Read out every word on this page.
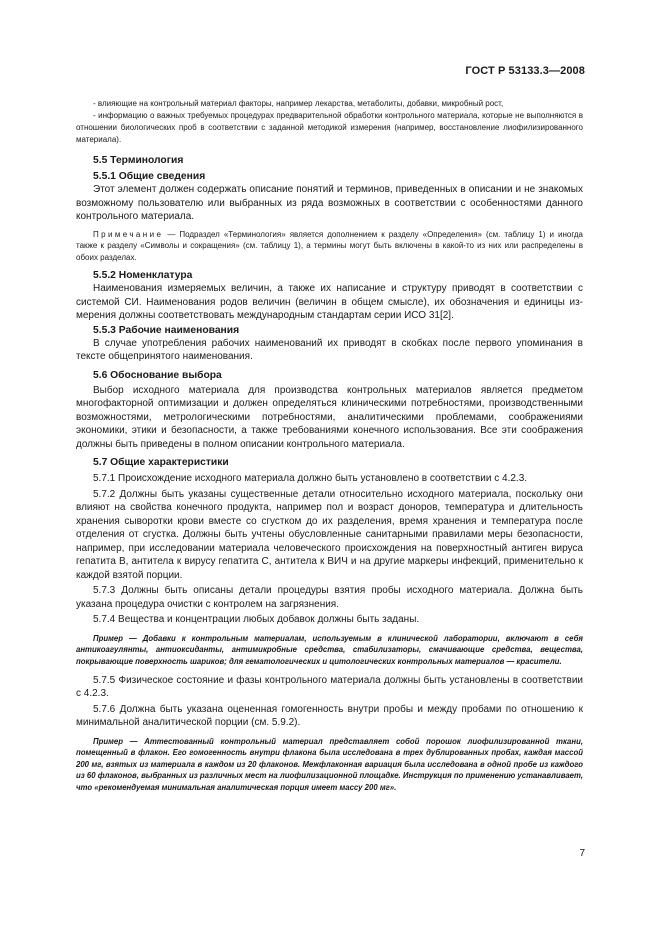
ГОСТ Р 53133.3—2008

- влияющие на контрольный материал факторы, например лекарства, метаболиты, добавки, микробный рост,

- информацию о важных требуемых процедурах предварительной обработки контрольного материала, которые не выполняются в отношении биологических проб в соответствии с заданной методикой измерения (например, восстановление лиофилизированного материала).

5.5 Терминология

5.5.1 Общие сведения

Этот элемент должен содержать описание понятий и терминов, приведенных в описании и не знакомых возможному пользователю или выбранных из ряда возможных в соответствии с особенностями данного контрольного материала.

Примечание — Подраздел «Терминология» является дополнением к разделу «Определения» (см. таблицу 1) и иногда также к разделу «Символы и сокращения» (см. таблицу 1), а термины могут быть включены в какой-то из них или распределены в обоих разделах.

5.5.2 Номенклатура

Наименования измеряемых величин, а также их написание и структуру приводят в соответствии с системой СИ. Наименования родов величин (величин в общем смысле), их обозначения и единицы измерения должны соответствовать международным стандартам серии ИСО 31[2].

5.5.3 Рабочие наименования

В случае употребления рабочих наименований их приводят в скобках после первого упоминания в тексте общепринятого наименования.

5.6 Обоснование выбора

Выбор исходного материала для производства контрольных материалов является предметом многофакторной оптимизации и должен определяться клиническими потребностями, производственными возможностями, метрологическими потребностями, аналитическими проблемами, соображениями экономики, этики и безопасности, а также требованиями конечного использования. Все эти соображения должны быть приведены в полном описании контрольного материала.

5.7 Общие характеристики

5.7.1 Происхождение исходного материала должно быть установлено в соответствии с 4.2.3.

5.7.2 Должны быть указаны существенные детали относительно исходного материала, поскольку они влияют на свойства конечного продукта, например пол и возраст доноров, температура и длительность хранения сыворотки крови вместе со сгустком до их разделения, время хранения и температура после отделения от сгустка. Должны быть учтены обусловленные санитарными правилами меры безопасности, например, при исследовании материала человеческого происхождения на поверхностный антиген вируса гепатита В, антитела к вирусу гепатита С, антитела к ВИЧ и на другие маркеры инфекций, применительно к каждой взятой порции.

5.7.3 Должны быть описаны детали процедуры взятия пробы исходного материала. Должна быть указана процедура очистки с контролем на загрязнения.

5.7.4 Вещества и концентрации любых добавок должны быть заданы.

Пример — Добавки к контрольным материалам, используемым в клинической лаборатории, включают в себя антикоагулянты, антиоксиданты, антимикробные средства, стабилизаторы, смачивающие средства, вещества, покрывающие поверхность шариков; для гематологических и цитологических контрольных материалов — красители.

5.7.5 Физическое состояние и фазы контрольного материала должны быть установлены в соответствии с 4.2.3.

5.7.6 Должна быть указана оцененная гомогенность внутри пробы и между пробами по отношению к минимальной аналитической порции (см. 5.9.2).

Пример — Аттестованный контрольный материал представляет собой порошок лиофилизированной ткани, помещенный в флакон. Его гомогенность внутри флакона была исследована в трех дублированных пробах, каждая массой 200 мг, взятых из материала в каждом из 20 флаконов. Межфлаконная вариация была исследована в одной пробе из каждого из 60 флаконов, выбранных из различных мест на лиофилизационной площадке. Инструкция по применению устанавливает, что «рекомендуемая минимальная аналитическая порция имеет массу 200 мг».

7
